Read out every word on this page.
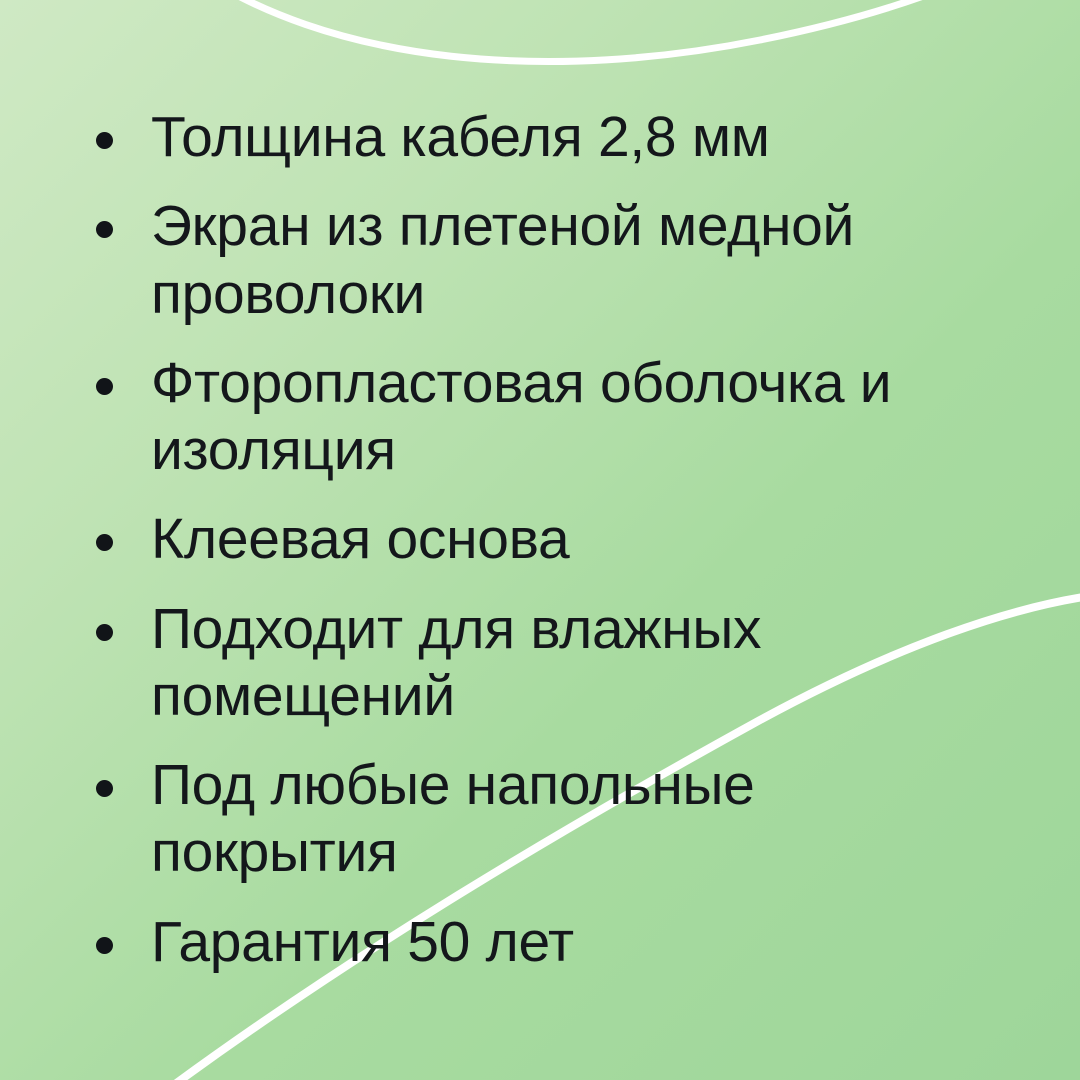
Толщина кабеля 2,8 мм
Экран из плетеной медной проволоки
Фторопластовая оболочка и изоляция
Клеевая основа
Подходит для влажных помещений
Под любые напольные покрытия
Гарантия 50 лет
